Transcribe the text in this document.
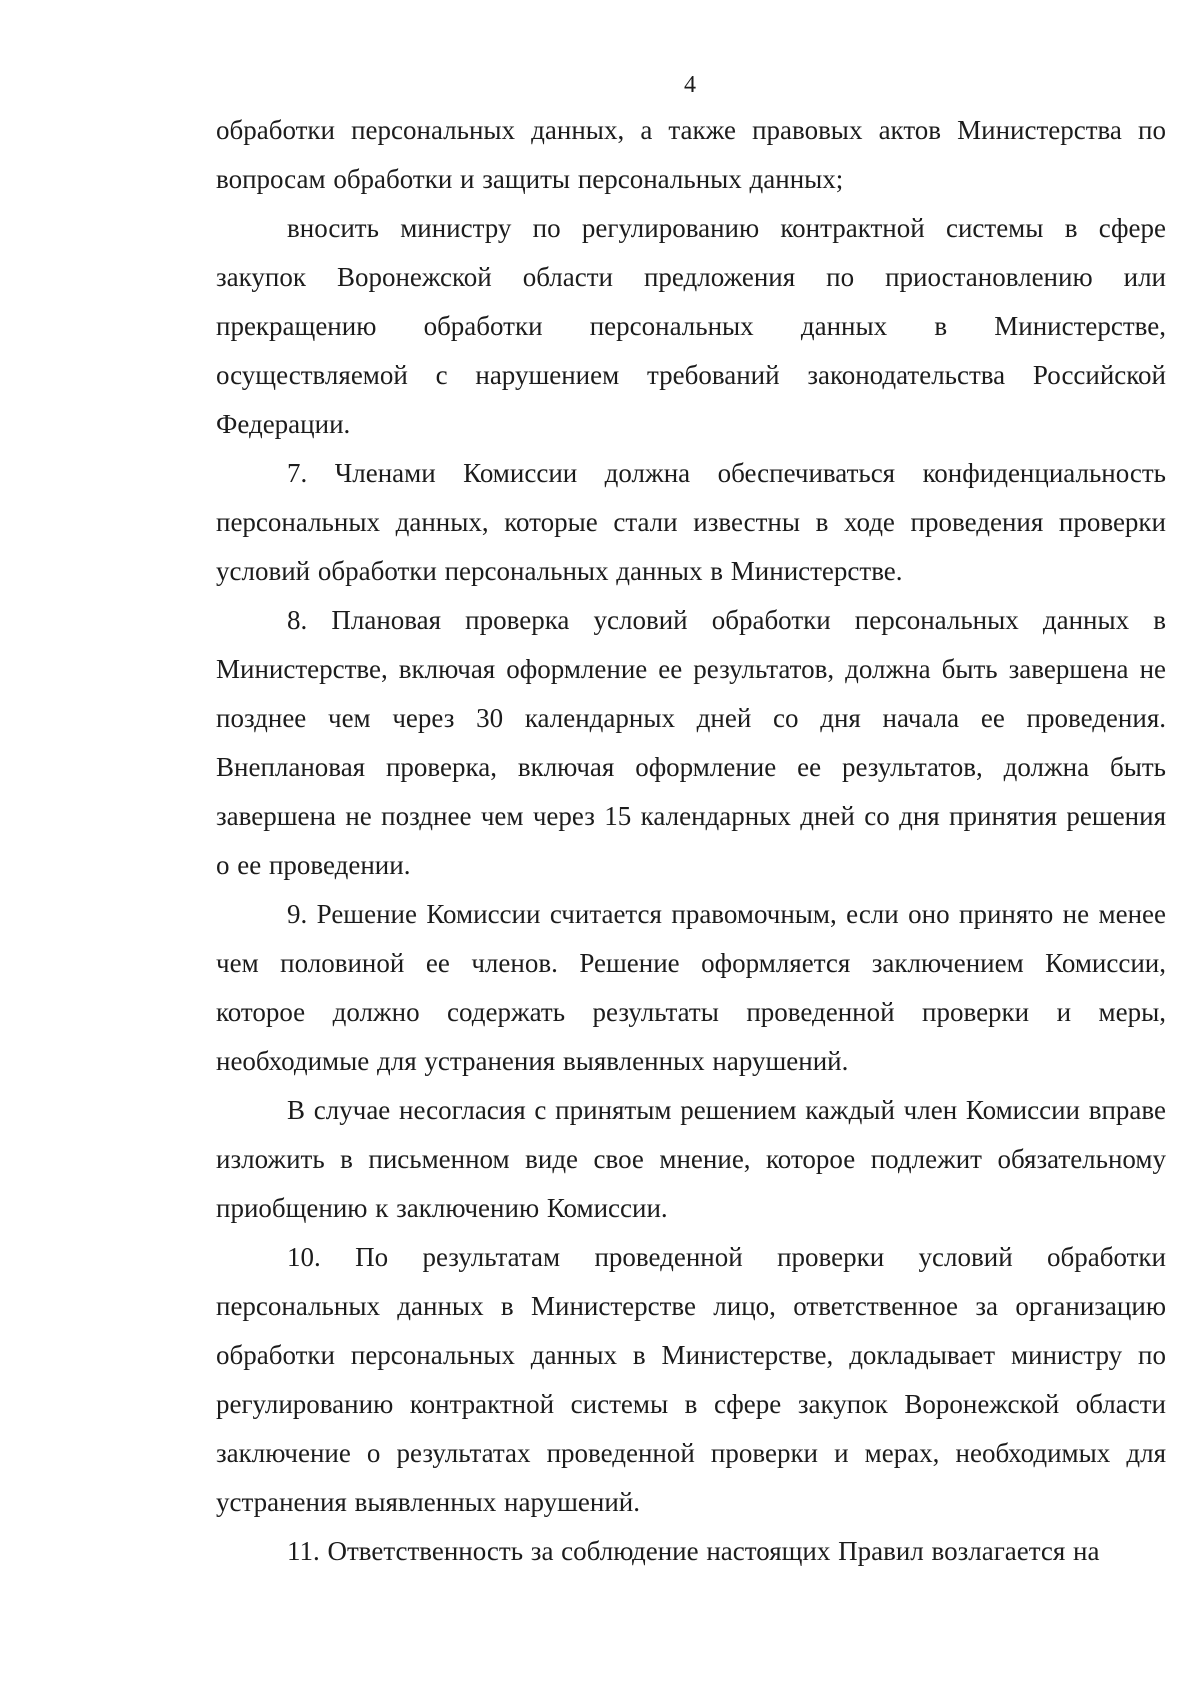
4

обработки персональных данных, а также правовых актов Министерства по вопросам обработки и защиты персональных данных;

вносить министру по регулированию контрактной системы в сфере закупок Воронежской области предложения по приостановлению или прекращению обработки персональных данных в Министерстве, осуществляемой с нарушением требований законодательства Российской Федерации.

7. Членами Комиссии должна обеспечиваться конфиденциальность персональных данных, которые стали известны в ходе проведения проверки условий обработки персональных данных в Министерстве.

8. Плановая проверка условий обработки персональных данных в Министерстве, включая оформление ее результатов, должна быть завершена не позднее чем через 30 календарных дней со дня начала ее проведения. Внеплановая проверка, включая оформление ее результатов, должна быть завершена не позднее чем через 15 календарных дней со дня принятия решения о ее проведении.

9. Решение Комиссии считается правомочным, если оно принято не менее чем половиной ее членов. Решение оформляется заключением Комиссии, которое должно содержать результаты проведенной проверки и меры, необходимые для устранения выявленных нарушений.

В случае несогласия с принятым решением каждый член Комиссии вправе изложить в письменном виде свое мнение, которое подлежит обязательному приобщению к заключению Комиссии.

10. По результатам проведенной проверки условий обработки персональных данных в Министерстве лицо, ответственное за организацию обработки персональных данных в Министерстве, докладывает министру по регулированию контрактной системы в сфере закупок Воронежской области заключение о результатах проведенной проверки и мерах, необходимых для устранения выявленных нарушений.

11. Ответственность за соблюдение настоящих Правил возлагается на
